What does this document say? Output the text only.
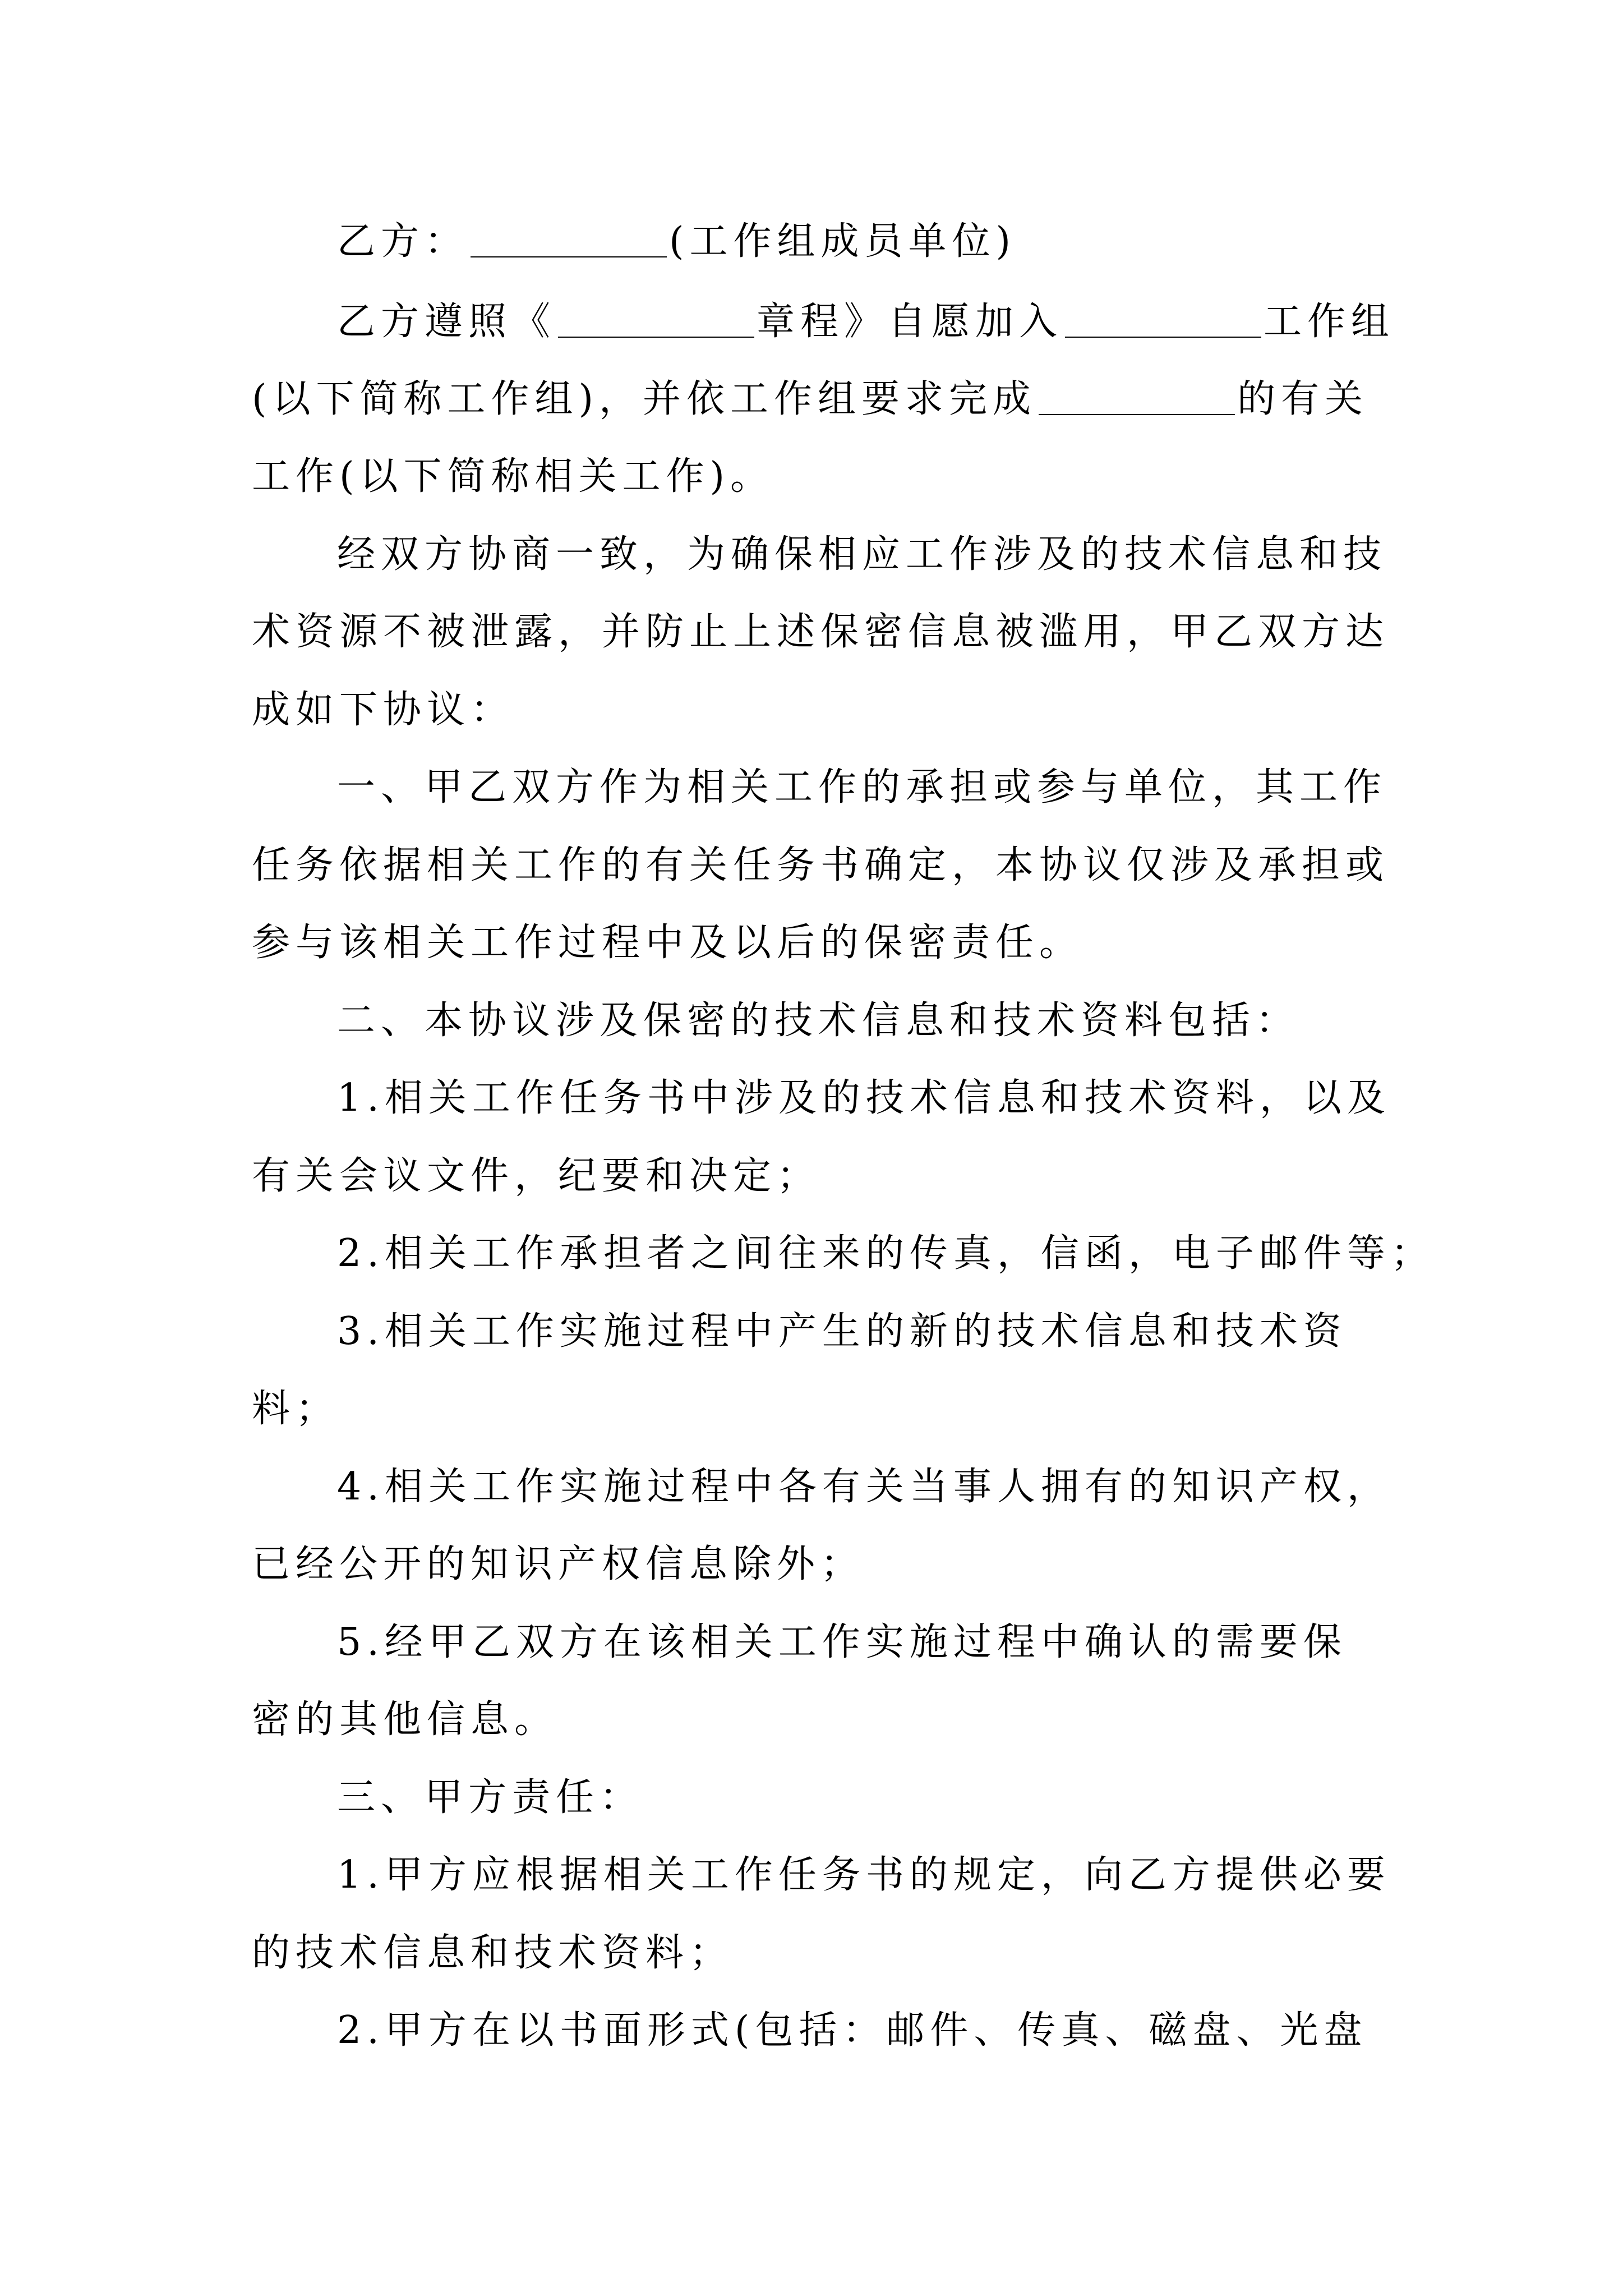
乙方：	(工作组成员单位)
乙方遵照《	章程》自愿加入	工作组
(以下简称工作组)，并依工作组要求完成	的有关
工作(以下简称相关工作)。
经双方协商一致，为确保相应工作涉及的技术信息和技
术资源不被泄露，并防止上述保密信息被滥用，甲乙双方达
成如下协议：
一、甲乙双方作为相关工作的承担或参与单位，其工作
任务依据相关工作的有关任务书确定，本协议仅涉及承担或
参与该相关工作过程中及以后的保密责任。
二、本协议涉及保密的技术信息和技术资料包括：
1.相关工作任务书中涉及的技术信息和技术资料，以及
有关会议文件，纪要和决定；
2.相关工作承担者之间往来的传真，信函，电子邮件等；
3.相关工作实施过程中产生的新的技术信息和技术资
料；
4.相关工作实施过程中各有关当事人拥有的知识产权，
已经公开的知识产权信息除外；
5.经甲乙双方在该相关工作实施过程中确认的需要保
密的其他信息。
三、甲方责任：
1.甲方应根据相关工作任务书的规定，向乙方提供必要
的技术信息和技术资料；
2.甲方在以书面形式(包括：邮件、传真、磁盘、光盘
